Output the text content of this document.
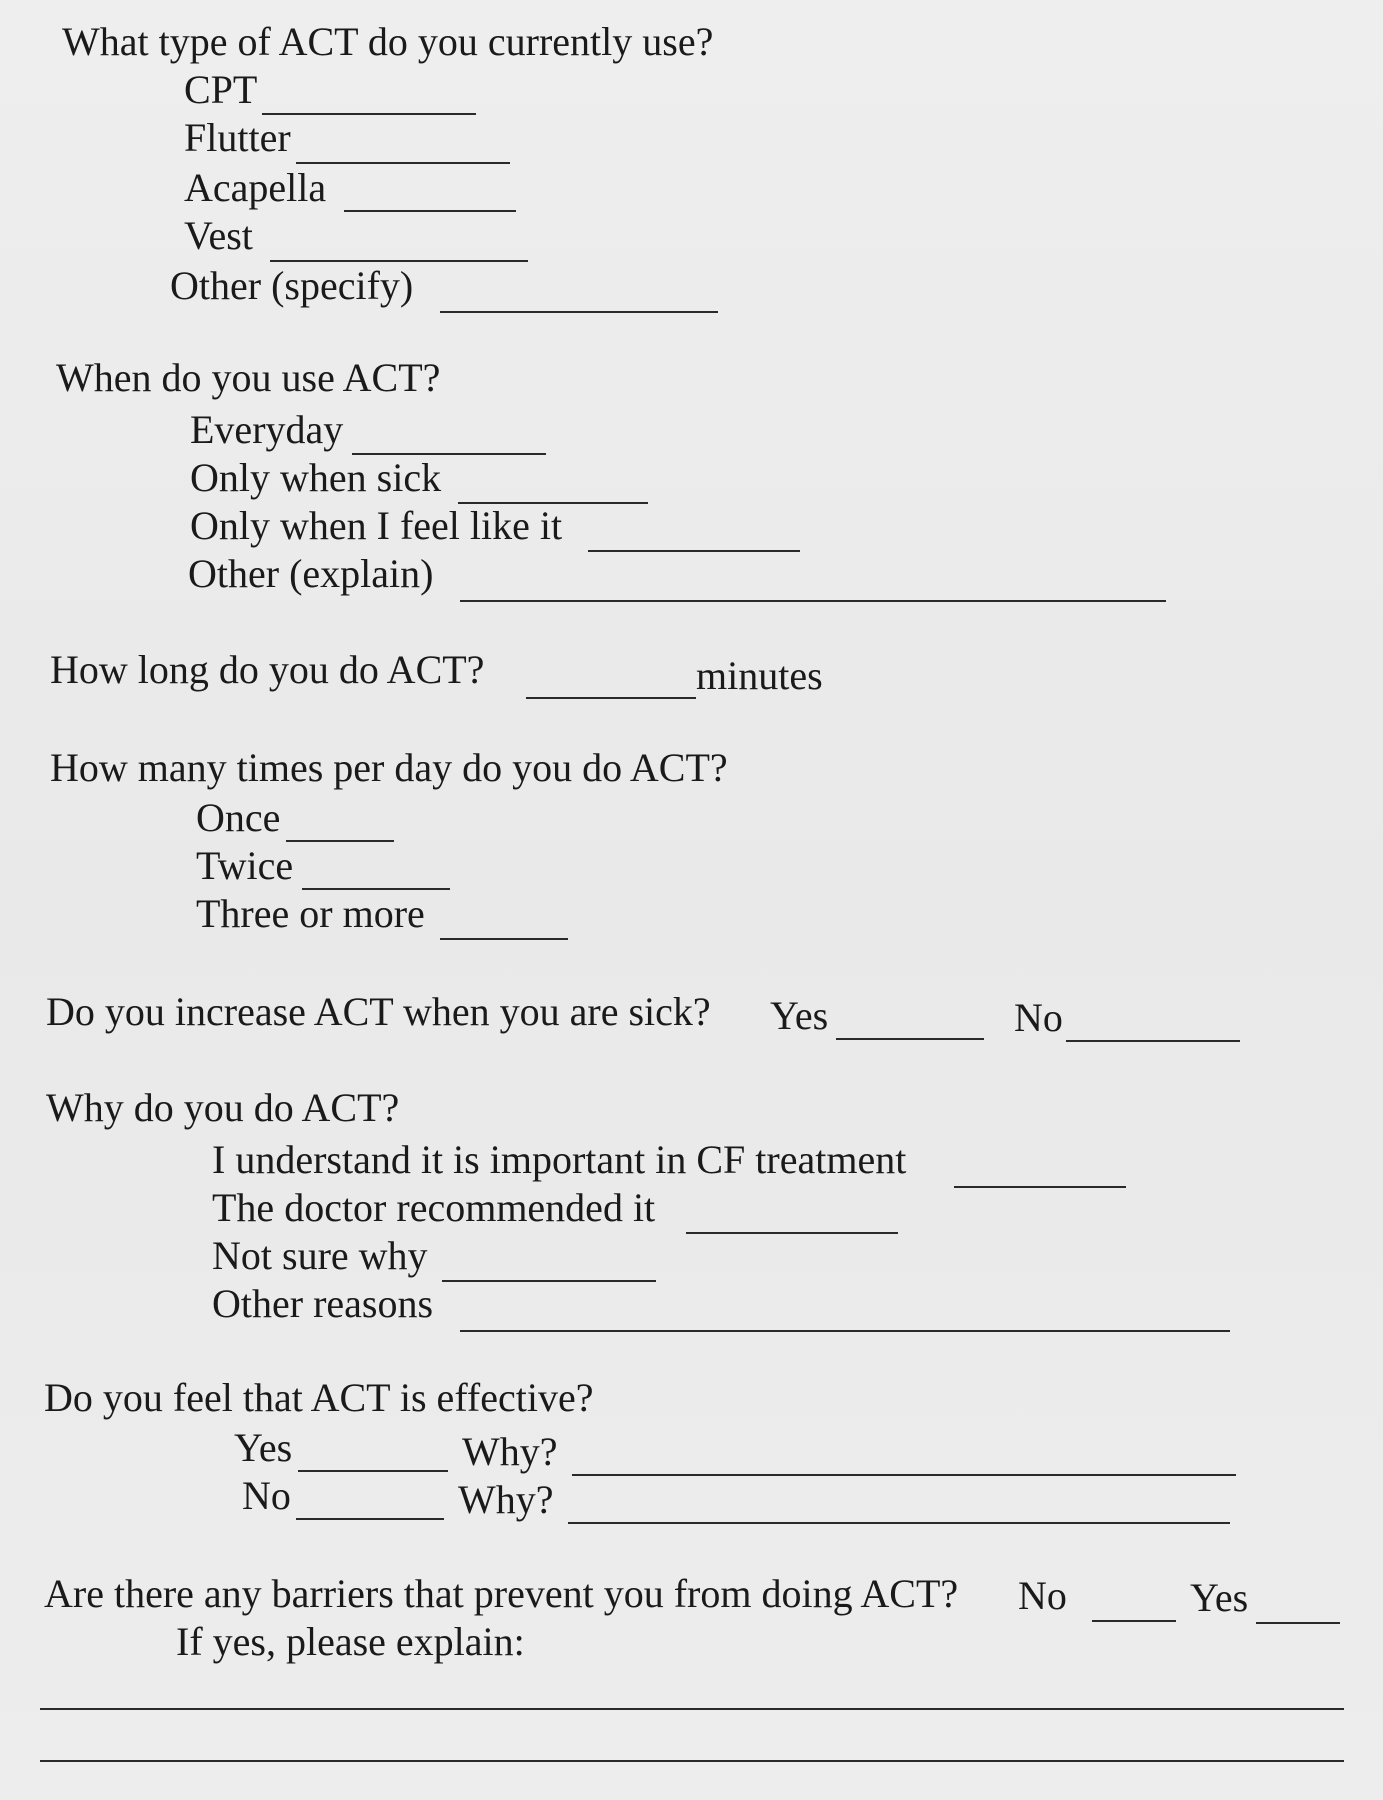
What type of ACT do you currently use?
CPT
Flutter
Acapella
Vest
Other (specify)
When do you use ACT?
Everyday
Only when sick
Only when I feel like it
Other (explain)
How long do you do ACT?	minutes
How many times per day do you do ACT?
Once
Twice
Three or more
Do you increase ACT when you are sick? Yes	No
Why do you do ACT?
I understand it is important in CF treatment
The doctor recommended it
Not sure why
Other reasons
Do you feel that ACT is effective?
Yes	Why?
No	Why?
Are there any barriers that prevent you from doing ACT? No	Yes
If yes, please explain:
